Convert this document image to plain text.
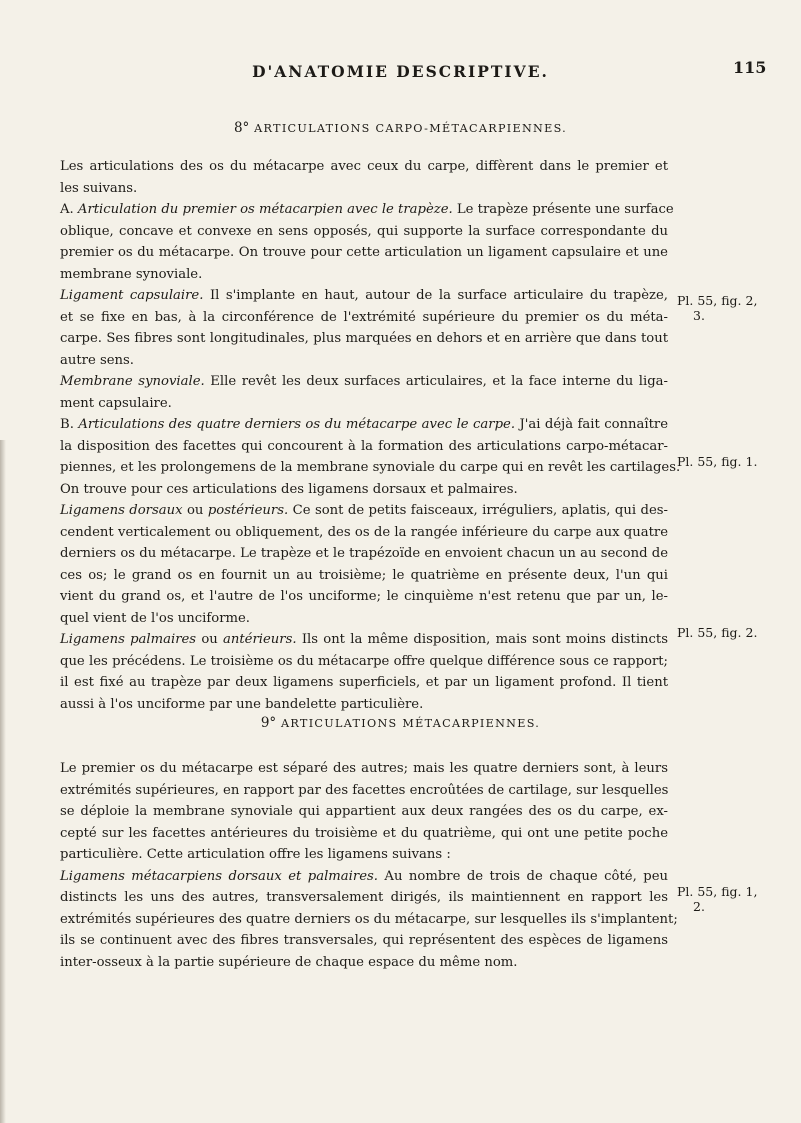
D'ANATOMIE DESCRIPTIVE.	115
8° ARTICULATIONS CARPO-MÉTACARPIENNES.
Les articulations des os du métacarpe avec ceux du carpe, diffèrent dans le premier et
les suivans.
A. Articulation du premier os métacarpien avec le trapèze. Le trapèze présente une surface
oblique, concave et convexe en sens opposés, qui supporte la surface correspondante du
premier os du métacarpe. On trouve pour cette articulation un ligament capsulaire et une
membrane synoviale.
Ligament capsulaire. Il s'implante en haut, autour de la surface articulaire du trapèze,
et se fixe en bas, à la circonférence de l'extrémité supérieure du premier os du méta-
carpe. Ses fibres sont longitudinales, plus marquées en dehors et en arrière que dans tout
autre sens.
Membrane synoviale. Elle revêt les deux surfaces articulaires, et la face interne du liga-
ment capsulaire.
B. Articulations des quatre derniers os du métacarpe avec le carpe. J'ai déjà fait connaître
la disposition des facettes qui concourent à la formation des articulations carpo-métacar-
piennes, et les prolongemens de la membrane synoviale du carpe qui en revêt les cartilages.
On trouve pour ces articulations des ligamens dorsaux et palmaires.
Ligamens dorsaux ou postérieurs. Ce sont de petits faisceaux, irréguliers, aplatis, qui des-
cendent verticalement ou obliquement, des os de la rangée inférieure du carpe aux quatre
derniers os du métacarpe. Le trapèze et le trapézoïde en envoient chacun un au second de
ces os; le grand os en fournit un au troisième; le quatrième en présente deux, l'un qui
vient du grand os, et l'autre de l'os unciforme; le cinquième n'est retenu que par un, le-
quel vient de l'os unciforme.
Ligamens palmaires ou antérieurs. Ils ont la même disposition, mais sont moins distincts
que les précédens. Le troisième os du métacarpe offre quelque différence sous ce rapport;
il est fixé au trapèze par deux ligamens superficiels, et par un ligament profond. Il tient
aussi à l'os unciforme par une bandelette particulière.
9° ARTICULATIONS MÉTACARPIENNES.
Le premier os du métacarpe est séparé des autres; mais les quatre derniers sont, à leurs
extrémités supérieures, en rapport par des facettes encroûtées de cartilage, sur lesquelles
se déploie la membrane synoviale qui appartient aux deux rangées des os du carpe, ex-
cepté sur les facettes antérieures du troisième et du quatrième, qui ont une petite poche
particulière. Cette articulation offre les ligamens suivans :
Ligamens métacarpiens dorsaux et palmaires. Au nombre de trois de chaque côté, peu
distincts les uns des autres, transversalement dirigés, ils maintiennent en rapport les
extrémités supérieures des quatre derniers os du métacarpe, sur lesquelles ils s'implantent;
ils se continuent avec des fibres transversales, qui représentent des espèces de ligamens
inter-osseux à la partie supérieure de chaque espace du même nom.
Pl. 55, fig. 2,
3.
Pl. 55, fig. 1.
Pl. 55, fig. 2.
Pl. 55, fig. 1,
2.
